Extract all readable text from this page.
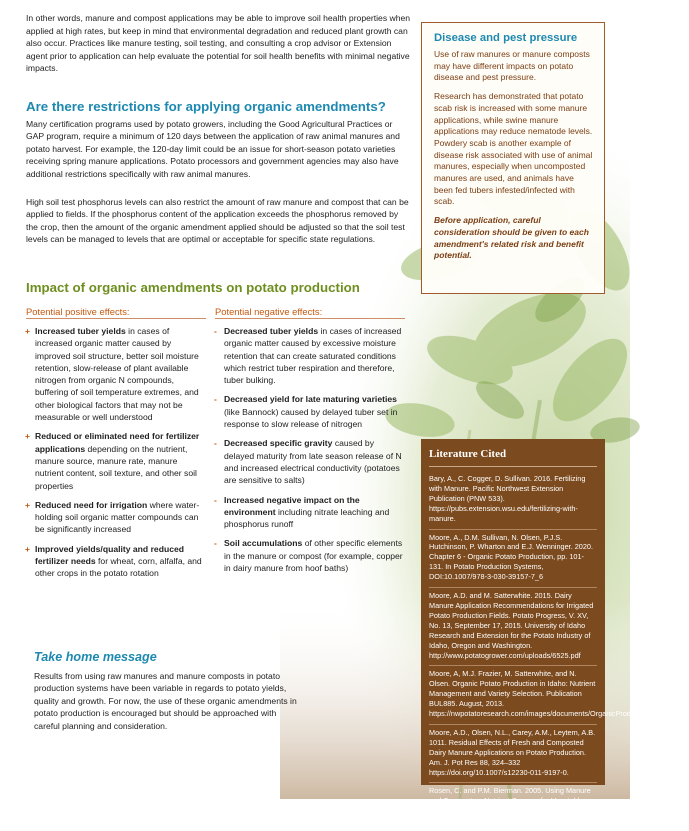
In other words, manure and compost applications may be able to improve soil health properties when applied at high rates, but keep in mind that environmental degradation and reduced plant growth can also occur. Practices like manure testing, soil testing, and consulting a crop advisor or Extension agent prior to application can help evaluate the potential for soil health benefits with minimal negative impacts.

Are there restrictions for applying organic amendments?

Many certification programs used by potato growers, including the Good Agricultural Practices or GAP program, require a minimum of 120 days between the application of raw animal manures and potato harvest. For example, the 120-day limit could be an issue for short-season potato varieties receiving spring manure applications. Potato processors and government agencies may also have additional restrictions specifically with raw animal manures.

High soil test phosphorus levels can also restrict the amount of raw manure and compost that can be applied to fields. If the phosphorus content of the application exceeds the phosphorus removed by the crop, then the amount of the organic amendment applied should be adjusted so that the soil test levels can be managed to levels that are optimal or acceptable for specific state regulations.

Impact of organic amendments on potato production
Potential positive effects:	Potential negative effects:
+ Increased tuber yields in cases of increased organic matter caused by improved soil structure, better soil moisture retention, slow-release of plant available nitrogen from organic N compounds, buffering of soil temperature extremes, and other biological factors that may not be measurable or well understood
+ Reduced or eliminated need for fertilizer applications depending on the nutrient, manure source, manure rate, manure nutrient content, soil texture, and other soil properties
+ Reduced need for irrigation where water-holding soil organic matter compounds can be significantly increased
+ Improved yields/quality and reduced fertilizer needs for wheat, corn, alfalfa, and other crops in the potato rotation
- Decreased tuber yields in cases of increased organic matter caused by excessive moisture retention that can create saturated conditions which restrict tuber respiration and therefore, tuber bulking.
- Decreased yield for late maturing varieties (like Bannock) caused by delayed tuber set in response to slow release of nitrogen
- Decreased specific gravity caused by delayed maturity from late season release of N and increased electrical conductivity (potatoes are sensitive to salts)
- Increased negative impact on the environment including nitrate leaching and phosphorus runoff
- Soil accumulations of other specific elements in the manure or compost (for example, copper in dairy manure from hoof baths)
Take home message

Results from using raw manures and manure composts in potato production systems have been variable in regards to potato yields, quality and growth. For now, the use of these organic amendments in potato production is encouraged but should be approached with careful planning and consideration.

Disease and pest pressure

Use of raw manures or manure composts may have different impacts on potato disease and pest pressure.

Research has demonstrated that potato scab risk is increased with some manure applications, while swine manure applications may reduce nematode levels. Powdery scab is another example of disease risk associated with use of animal manures, especially when uncomposted manures are used, and animals have been fed tubers infested/infected with scab.

Before application, careful consideration should be given to each amendment's related risk and benefit potential.

Literature Cited
Bary, A., C. Cogger, D. Sullivan. 2016. Fertilizing with Manure. Pacific Northwest Extension Publication (PNW 533). https://pubs.extension.wsu.edu/fertilizing-with-manure.
Moore, A., D.M. Sullivan, N. Olsen, P.J.S. Hutchinson, P. Wharton and E.J. Wenninger. 2020. Chapter 6 - Organic Potato Production, pp. 101-131. In Potato Production Systems, DOI:10.1007/978-3-030-39157-7_6
Moore, A.D. and M. Satterwhite. 2015. Dairy Manure Application Recommendations for Irrigated Potato Production Fields. Potato Progress, V. XV, No. 13, September 17, 2015. University of Idaho Research and Extension for the Potato Industry of Idaho, Oregon and Washington. http://www.potatogrower.com/uploads/6525.pdf
Moore, A, M.J. Frazier, M. Satterwhite, and N. Olsen. Organic Potato Production in Idaho: Nutrient Management and Variety Selection. Publication BUL885. August, 2013. https://nwpotatoresearch.com/images/documents/OrganicProductionBUL885.pdf
Moore, A.D., Olsen, N.L., Carey, A.M., Leytem, A.B. 1011. Residual Effects of Fresh and Composted Dairy Manure Applications on Potato Production. Am. J. Pot Res 88, 324–332 https://doi.org/10.1007/s12230-011-9197-0.
Rosen, C. and P.M. Bierman. 2005. Using Manure and Compost as Nutrient Sources for Vegetable Crops. University of Minnesota Extension. https://ucanr.edu/sites/nm/files/76644.pdf
